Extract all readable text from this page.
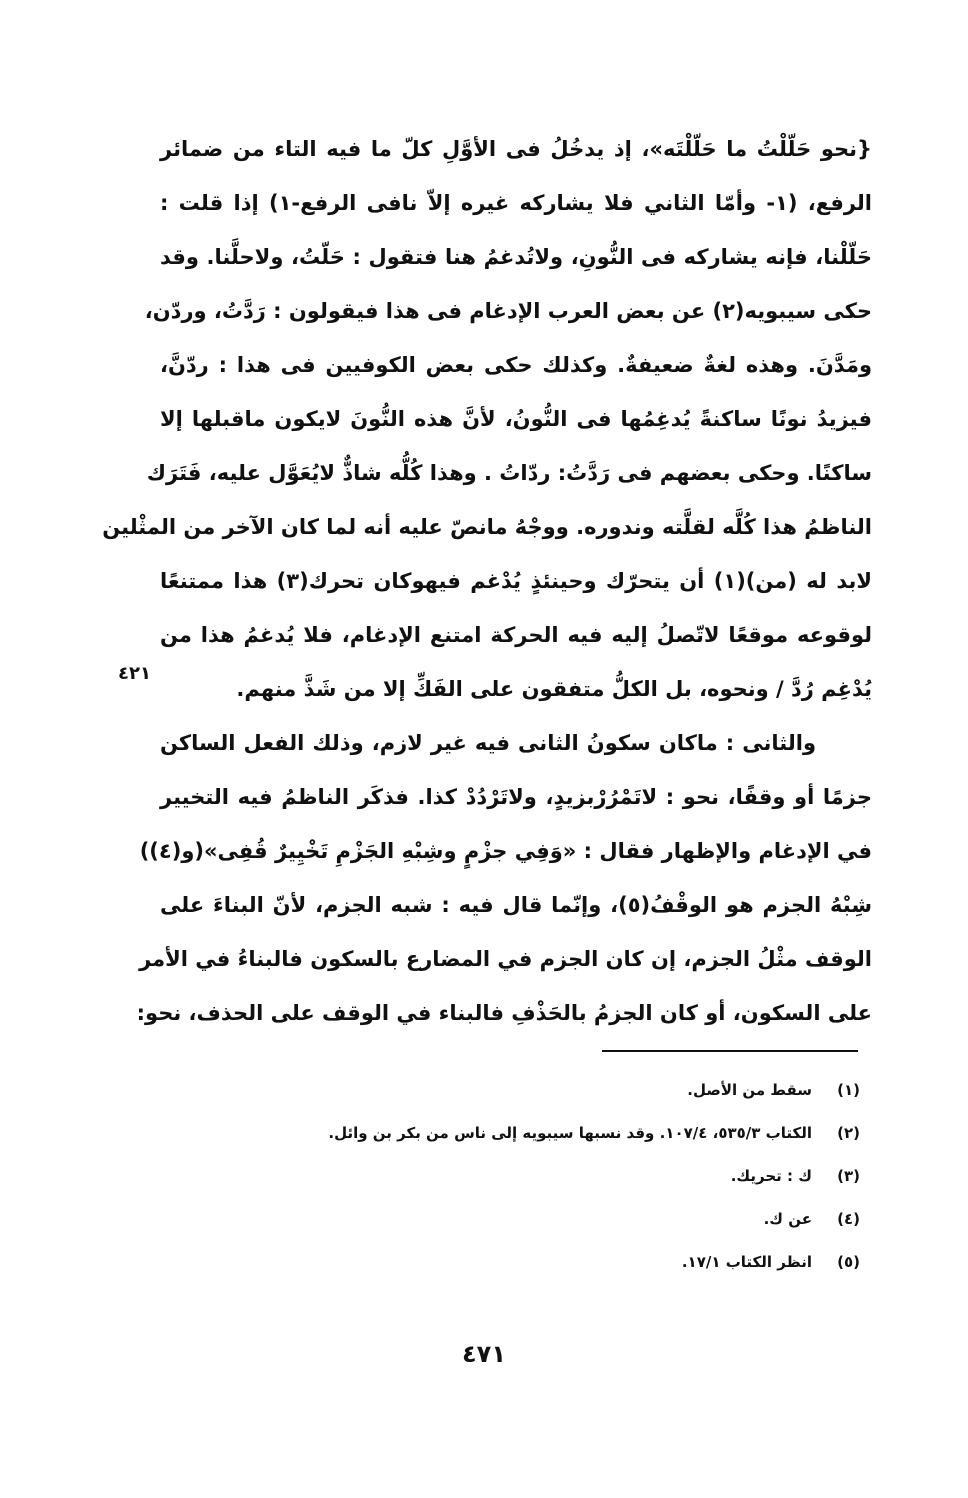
{نحو حَلّلْتُ ما حَلّلْتَه»، إذ يدخُلُ فى الأوَّلِ كلّ ما فيه التاء من ضمائر
الرفع، (١- وأمّا الثاني فلا يشاركه غيره إلاّ نافى الرفع-١) إذا قلت :
حَلّلْنا، فإنه يشاركه فى النُّونِ، ولاتُدغمُ هنا فتقول : حَلّتُ، ولاحلَّنا. وقد
حكى سيبويه(٢) عن بعض العرب الإدغام فى هذا فيقولون : رَدَّتُ، وردّن،
ومَدَّنَ. وهذه لغةٌ ضعيفةٌ. وكذلك حكى بعض الكوفيين فى هذا : ردّنَّ،
فيزيدُ نونًا ساكنةً يُدغِمُها فى النُّونُ، لأنَّ هذه النُّونَ لايكون ماقبلها إلا
ساكنًا. وحكى بعضهم فى رَدَّتُ: ردّاتُ . وهذا كُلُّه شاذٌّ لايُعَوَّل عليه، فَتَرَك
الناظمُ هذا كُلَّه لقلَّته وندوره. ووجْهُ مانصّ عليه أنه لما كان الآخر من المثْلين
لابد له (من)(١) أن يتحرّك وحينئذٍ يُدْغم فيهوكان تحرك(٣) هذا ممتنعًا
لوقوعه موقعًا لاتّصلُ إليه فيه الحركة امتنع الإدغام، فلا يُدغمُ هذا من
يُدْغِم رُدَّ / ونحوه، بل الكلُّ متفقون على الفَكِّ إلا من شَذَّ منهم.
والثانى : ماكان سكونُ الثانى فيه غير لازم، وذلك الفعل الساكن
جزمًا أو وقفًا، نحو : لاتَمْرُرْبزيدٍ، ولاتَرْدُدْ كذا. فذكَر الناظمُ فيه التخيير
في الإدغام والإظهار فقال : «وَفِي جزْمٍ وشِبْهِ الجَزْمِ تَخْيِيرٌ قُفِى»(و(٤))
شِبْهُ الجزم هو الوقْفُ(٥)، وإنّما قال فيه : شبه الجزم، لأنّ البناءَ على
الوقف مثْلُ الجزم، إن كان الجزم في المضارع بالسكون فالبناءُ في الأمر
على السكون، أو كان الجزمُ بالحَذْفِ فالبناء في الوقف على الحذف، نحو:
٤٢١
(١)
سقط من الأصل.
(٢)
الكتاب ٥٣٥/٣، ١٠٧/٤. وقد نسبها سيبويه إلى ناس من بكر بن وائل.
(٣)
ك : تحريك.
(٤)
عن ك.
(٥)
انظر الكتاب ١٧/١.
٤٧١
